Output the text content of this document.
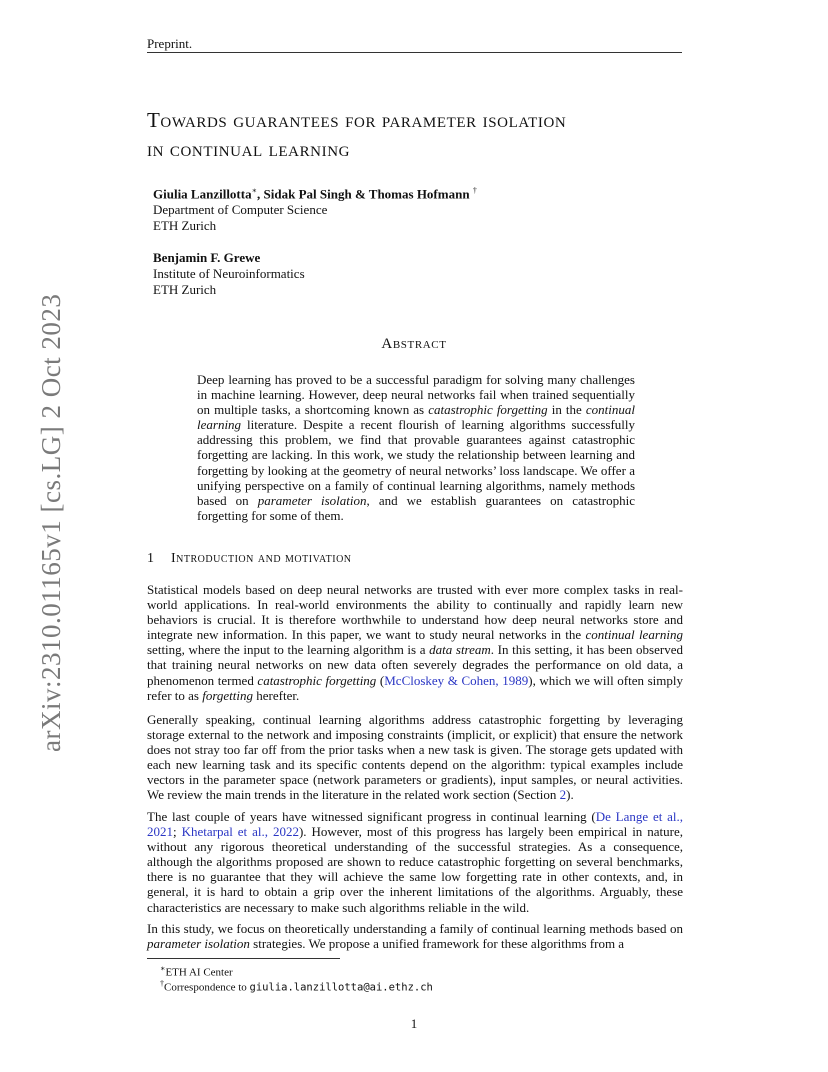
Preprint.
arXiv:2310.01165v1 [cs.LG] 2 Oct 2023
Towards guarantees for parameter isolation
in continual learning
Giulia Lanzillotta∗, Sidak Pal Singh & Thomas Hofmann †
Department of Computer Science
ETH Zurich
Benjamin F. Grewe
Institute of Neuroinformatics
ETH Zurich
Abstract
Deep learning has proved to be a successful paradigm for solving many challenges in machine learning. However, deep neural networks fail when trained sequentially on multiple tasks, a shortcoming known as catastrophic forgetting in the continual learning literature. Despite a recent flourish of learning algorithms successfully addressing this problem, we find that provable guarantees against catastrophic forgetting are lacking. In this work, we study the relationship between learning and forgetting by looking at the geometry of neural networks’ loss landscape. We offer a unifying perspective on a family of continual learning algorithms, namely methods based on parameter isolation, and we establish guarantees on catastrophic forgetting for some of them.
1 Introduction and motivation
Statistical models based on deep neural networks are trusted with ever more complex tasks in real-world applications. In real-world environments the ability to continually and rapidly learn new behaviors is crucial. It is therefore worthwhile to understand how deep neural networks store and integrate new information. In this paper, we want to study neural networks in the continual learning setting, where the input to the learning algorithm is a data stream. In this setting, it has been observed that training neural networks on new data often severely degrades the performance on old data, a phenomenon termed catastrophic forgetting (McCloskey & Cohen, 1989), which we will often simply refer to as forgetting herefter.
Generally speaking, continual learning algorithms address catastrophic forgetting by leveraging storage external to the network and imposing constraints (implicit, or explicit) that ensure the network does not stray too far off from the prior tasks when a new task is given. The storage gets updated with each new learning task and its specific contents depend on the algorithm: typical examples include vectors in the parameter space (network parameters or gradients), input samples, or neural activities. We review the main trends in the literature in the related work section (Section 2).
The last couple of years have witnessed significant progress in continual learning (De Lange et al., 2021; Khetarpal et al., 2022). However, most of this progress has largely been empirical in nature, without any rigorous theoretical understanding of the successful strategies. As a consequence, although the algorithms proposed are shown to reduce catastrophic forgetting on several benchmarks, there is no guarantee that they will achieve the same low forgetting rate in other contexts, and, in general, it is hard to obtain a grip over the inherent limitations of the algorithms. Arguably, these characteristics are necessary to make such algorithms reliable in the wild.
In this study, we focus on theoretically understanding a family of continual learning methods based on parameter isolation strategies. We propose a unified framework for these algorithms from a
∗ETH AI Center
†Correspondence to giulia.lanzillotta@ai.ethz.ch
1
